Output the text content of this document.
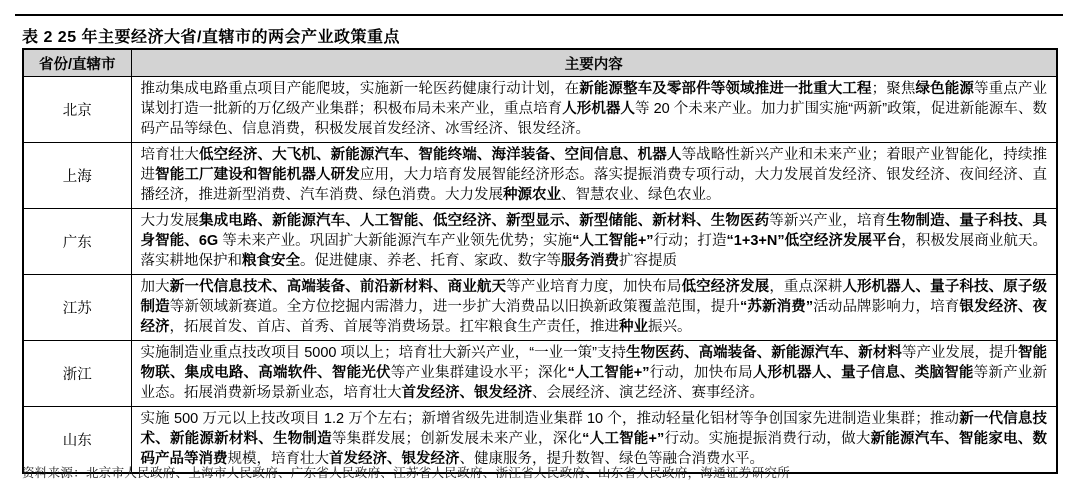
表 2 25 年主要经济大省/直辖市的两会产业政策重点
省份/直辖市	主要内容
北京	推动集成电路重点项目产能爬坡，实施新一轮医药健康行动计划，在新能源整车及零部件等领域推进一批重大工程；聚焦绿色能源等重点产业谋划打造一批新的万亿级产业集群；积极布局未来产业，重点培育人形机器人等 20 个未来产业。加力扩围实施“两新”政策，促进新能源车、数码产品等绿色、信息消费，积极发展首发经济、冰雪经济、银发经济。
上海	培育壮大低空经济、大飞机、新能源汽车、智能终端、海洋装备、空间信息、机器人等战略性新兴产业和未来产业；着眼产业智能化，持续推进智能工厂建设和智能机器人研发应用，大力培育发展智能经济形态。落实提振消费专项行动，大力发展首发经济、银发经济、夜间经济、直播经济，推进新型消费、汽车消费、绿色消费。大力发展种源农业、智慧农业、绿色农业。
广东	大力发展集成电路、新能源汽车、人工智能、低空经济、新型显示、新型储能、新材料、生物医药等新兴产业，培育生物制造、量子科技、具身智能、6G 等未来产业。巩固扩大新能源汽车产业领先优势；实施“人工智能+”行动；打造“1+3+N”低空经济发展平台，积极发展商业航天。落实耕地保护和粮食安全。促进健康、养老、托育、家政、数字等服务消费扩容提质
江苏	加大新一代信息技术、高端装备、前沿新材料、商业航天等产业培育力度，加快布局低空经济发展，重点深耕人形机器人、量子科技、原子级制造等新领域新赛道。全方位挖掘内需潜力，进一步扩大消费品以旧换新政策覆盖范围，提升“苏新消费”活动品牌影响力，培育银发经济、夜经济，拓展首发、首店、首秀、首展等消费场景。扛牢粮食生产责任，推进种业振兴。
浙江	实施制造业重点技改项目 5000 项以上；培育壮大新兴产业，“一业一策”支持生物医药、高端装备、新能源汽车、新材料等产业发展，提升智能物联、集成电路、高端软件、智能光伏等产业集群建设水平；深化“人工智能+”行动，加快布局人形机器人、量子信息、类脑智能等新产业新业态。拓展消费新场景新业态，培育壮大首发经济、银发经济、会展经济、演艺经济、赛事经济。
山东	实施 500 万元以上技改项目 1.2 万个左右；新增省级先进制造业集群 10 个，推动轻量化铝材等争创国家先进制造业集群；推动新一代信息技术、新能源新材料、生物制造等集群发展；创新发展未来产业，深化“人工智能+”行动。实施提振消费行动，做大新能源汽车、智能家电、数码产品等消费规模，培育壮大首发经济、银发经济、健康服务，提升数智、绿色等融合消费水平。
资料来源：北京市人民政府、上海市人民政府、广东省人民政府、江苏省人民政府、浙江省人民政府、山东省人民政府，海通证券研究所
